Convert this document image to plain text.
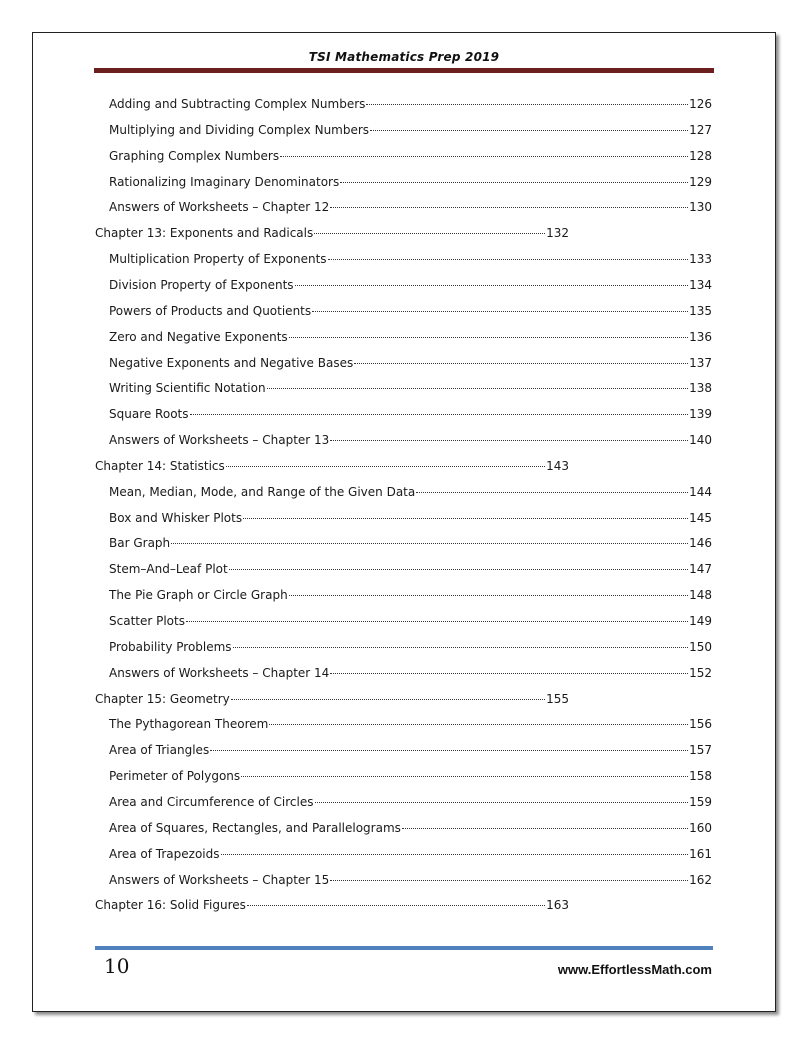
TSI Mathematics Prep 2019
Adding and Subtracting Complex Numbers	126
Multiplying and Dividing Complex Numbers	127
Graphing Complex Numbers	128
Rationalizing Imaginary Denominators	129
Answers of Worksheets – Chapter 12	130
Chapter 13: Exponents and Radicals	132
Multiplication Property of Exponents	133
Division Property of Exponents	134
Powers of Products and Quotients	135
Zero and Negative Exponents	136
Negative Exponents and Negative Bases	137
Writing Scientific Notation	138
Square Roots	139
Answers of Worksheets – Chapter 13	140
Chapter 14: Statistics	143
Mean, Median, Mode, and Range of the Given Data	144
Box and Whisker Plots	145
Bar Graph	146
Stem–And–Leaf Plot	147
The Pie Graph or Circle Graph	148
Scatter Plots	149
Probability Problems	150
Answers of Worksheets – Chapter 14	152
Chapter 15: Geometry	155
The Pythagorean Theorem	156
Area of Triangles	157
Perimeter of Polygons	158
Area and Circumference of Circles	159
Area of Squares, Rectangles, and Parallelograms	160
Area of Trapezoids	161
Answers of Worksheets – Chapter 15	162
Chapter 16: Solid Figures	163
10	www.EffortlessMath.com
